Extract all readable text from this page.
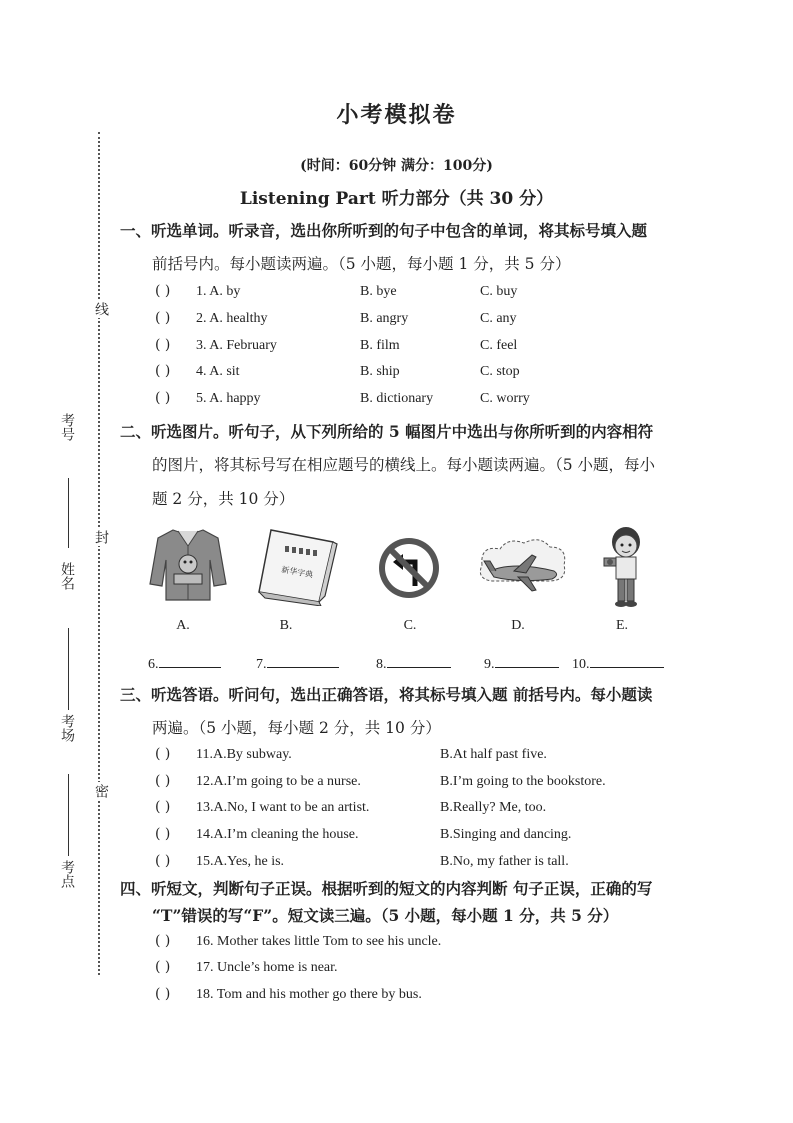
线
封
密
考号
姓名
考场
考点
小考模拟卷
(时间：60分钟 满分：100分)
Listening Part 听力部分（共 30 分）
一、听选单词。听录音，选出你所听到的句子中包含的单词，将其标号填入题
前括号内。每小题读两遍。（5 小题，每小题 1 分，共 5 分）
( ) 1. A. by	B. bye	C. buy
( ) 2. A. healthy	B. angry	C. any
( ) 3. A. February	B. film	C. feel
( ) 4. A. sit	B. ship	C. stop
( ) 5. A. happy	B. dictionary	C. worry
二、听选图片。听句子，从下列所给的 5 幅图片中选出与你所听到的内容相符
的图片，将其标号写在相应题号的横线上。每小题读两遍。（5 小题，每小
题 2 分，共 10 分）
新华字典
A.	B.	C.	D.	E.
6.	7.	8.	9.	10.
三、听选答语。听问句，选出正确答语，将其标号填入题 前括号内。每小题读
两遍。（5 小题，每小题 2 分，共 10 分）
( ) 11.A.By subway.	B.At half past five.
( ) 12.A.I’m going to be a nurse.	B.I’m going to the bookstore.
( ) 13.A.No, I want to be an artist.	B.Really? Me, too.
( ) 14.A.I’m cleaning the house.	B.Singing and dancing.
( ) 15.A.Yes, he is.	B.No, my father is tall.
四、听短文，判断句子正误。根据听到的短文的内容判断 句子正误，正确的写
“T”错误的写“F”。短文读三遍。（5 小题，每小题 1 分，共 5 分）
( ) 16. Mother takes little Tom to see his uncle.
( ) 17. Uncle’s home is near.
( ) 18. Tom and his mother go there by bus.
